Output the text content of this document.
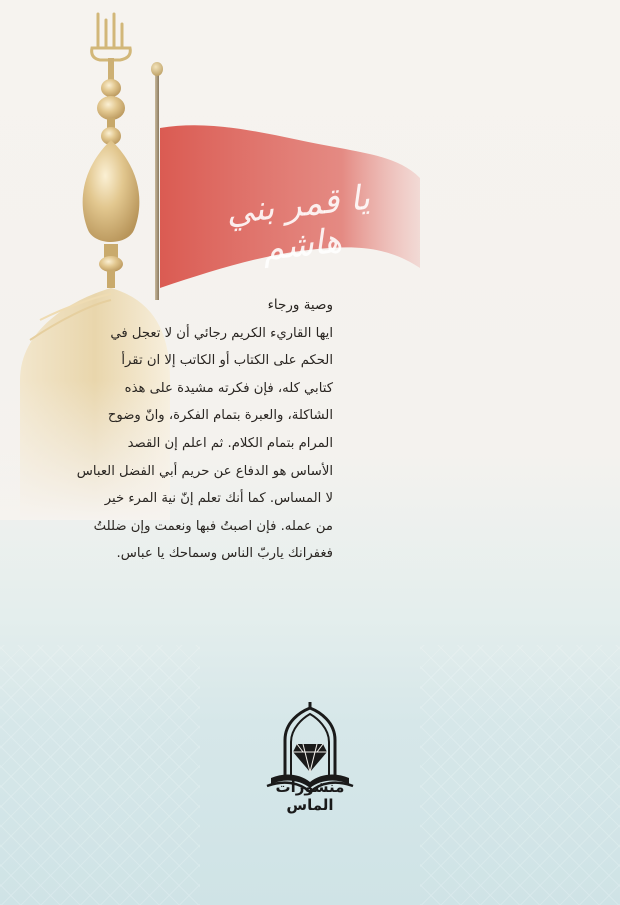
يا قمر بني هاشم
وصية ورجاء
ايها القاريء الكريم رجائي أن لا تعجل في
الحكم على الكتاب أو الكاتب إلا ان تقرأ
كتابي كله، فإن فكرته مشيدة على هذه
الشاكلة، والعبرة بتمام الفكرة، وانّ وضوح
المرام بتمام الكلام. ثم اعلم إن القصد
الأساس هو الدفاع عن حريم أبي الفضل العباس
لا المساس. كما أنك تعلم إنّ نية المرء خير
من عمله. فإن اصبتُ فبها ونعمت وإن ضللتُ
فغفرانك ياربّ الناس وسماحك يا عباس.
منشورات الماس
